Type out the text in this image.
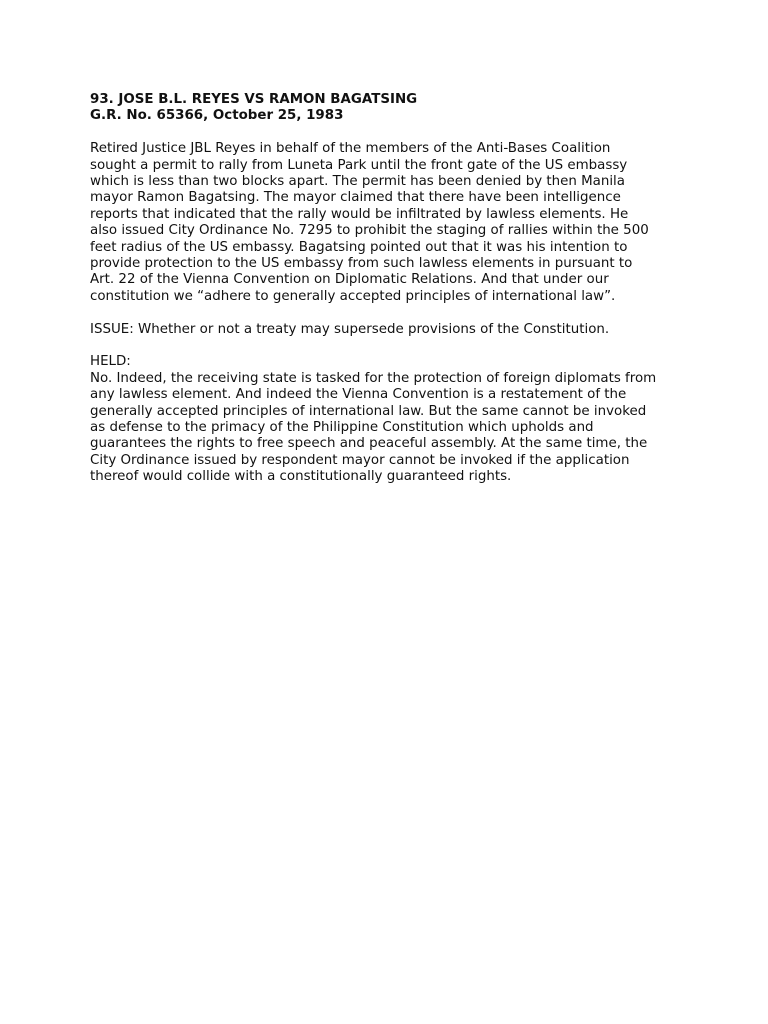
93. JOSE B.L. REYES VS RAMON BAGATSING
G.R. No. 65366, October 25, 1983
Retired Justice JBL Reyes in behalf of the members of the Anti-Bases Coalition
sought a permit to rally from Luneta Park until the front gate of the US embassy
which is less than two blocks apart. The permit has been denied by then Manila
mayor Ramon Bagatsing. The mayor claimed that there have been intelligence
reports that indicated that the rally would be infiltrated by lawless elements. He
also issued City Ordinance No. 7295 to prohibit the staging of rallies within the 500
feet radius of the US embassy. Bagatsing pointed out that it was his intention to
provide protection to the US embassy from such lawless elements in pursuant to
Art. 22 of the Vienna Convention on Diplomatic Relations. And that under our
constitution we “adhere to generally accepted principles of international law”.
ISSUE: Whether or not a treaty may supersede provisions of the Constitution.
HELD:
No. Indeed, the receiving state is tasked for the protection of foreign diplomats from
any lawless element. And indeed the Vienna Convention is a restatement of the
generally accepted principles of international law. But the same cannot be invoked
as defense to the primacy of the Philippine Constitution which upholds and
guarantees the rights to free speech and peaceful assembly. At the same time, the
City Ordinance issued by respondent mayor cannot be invoked if the application
thereof would collide with a constitutionally guaranteed rights.
